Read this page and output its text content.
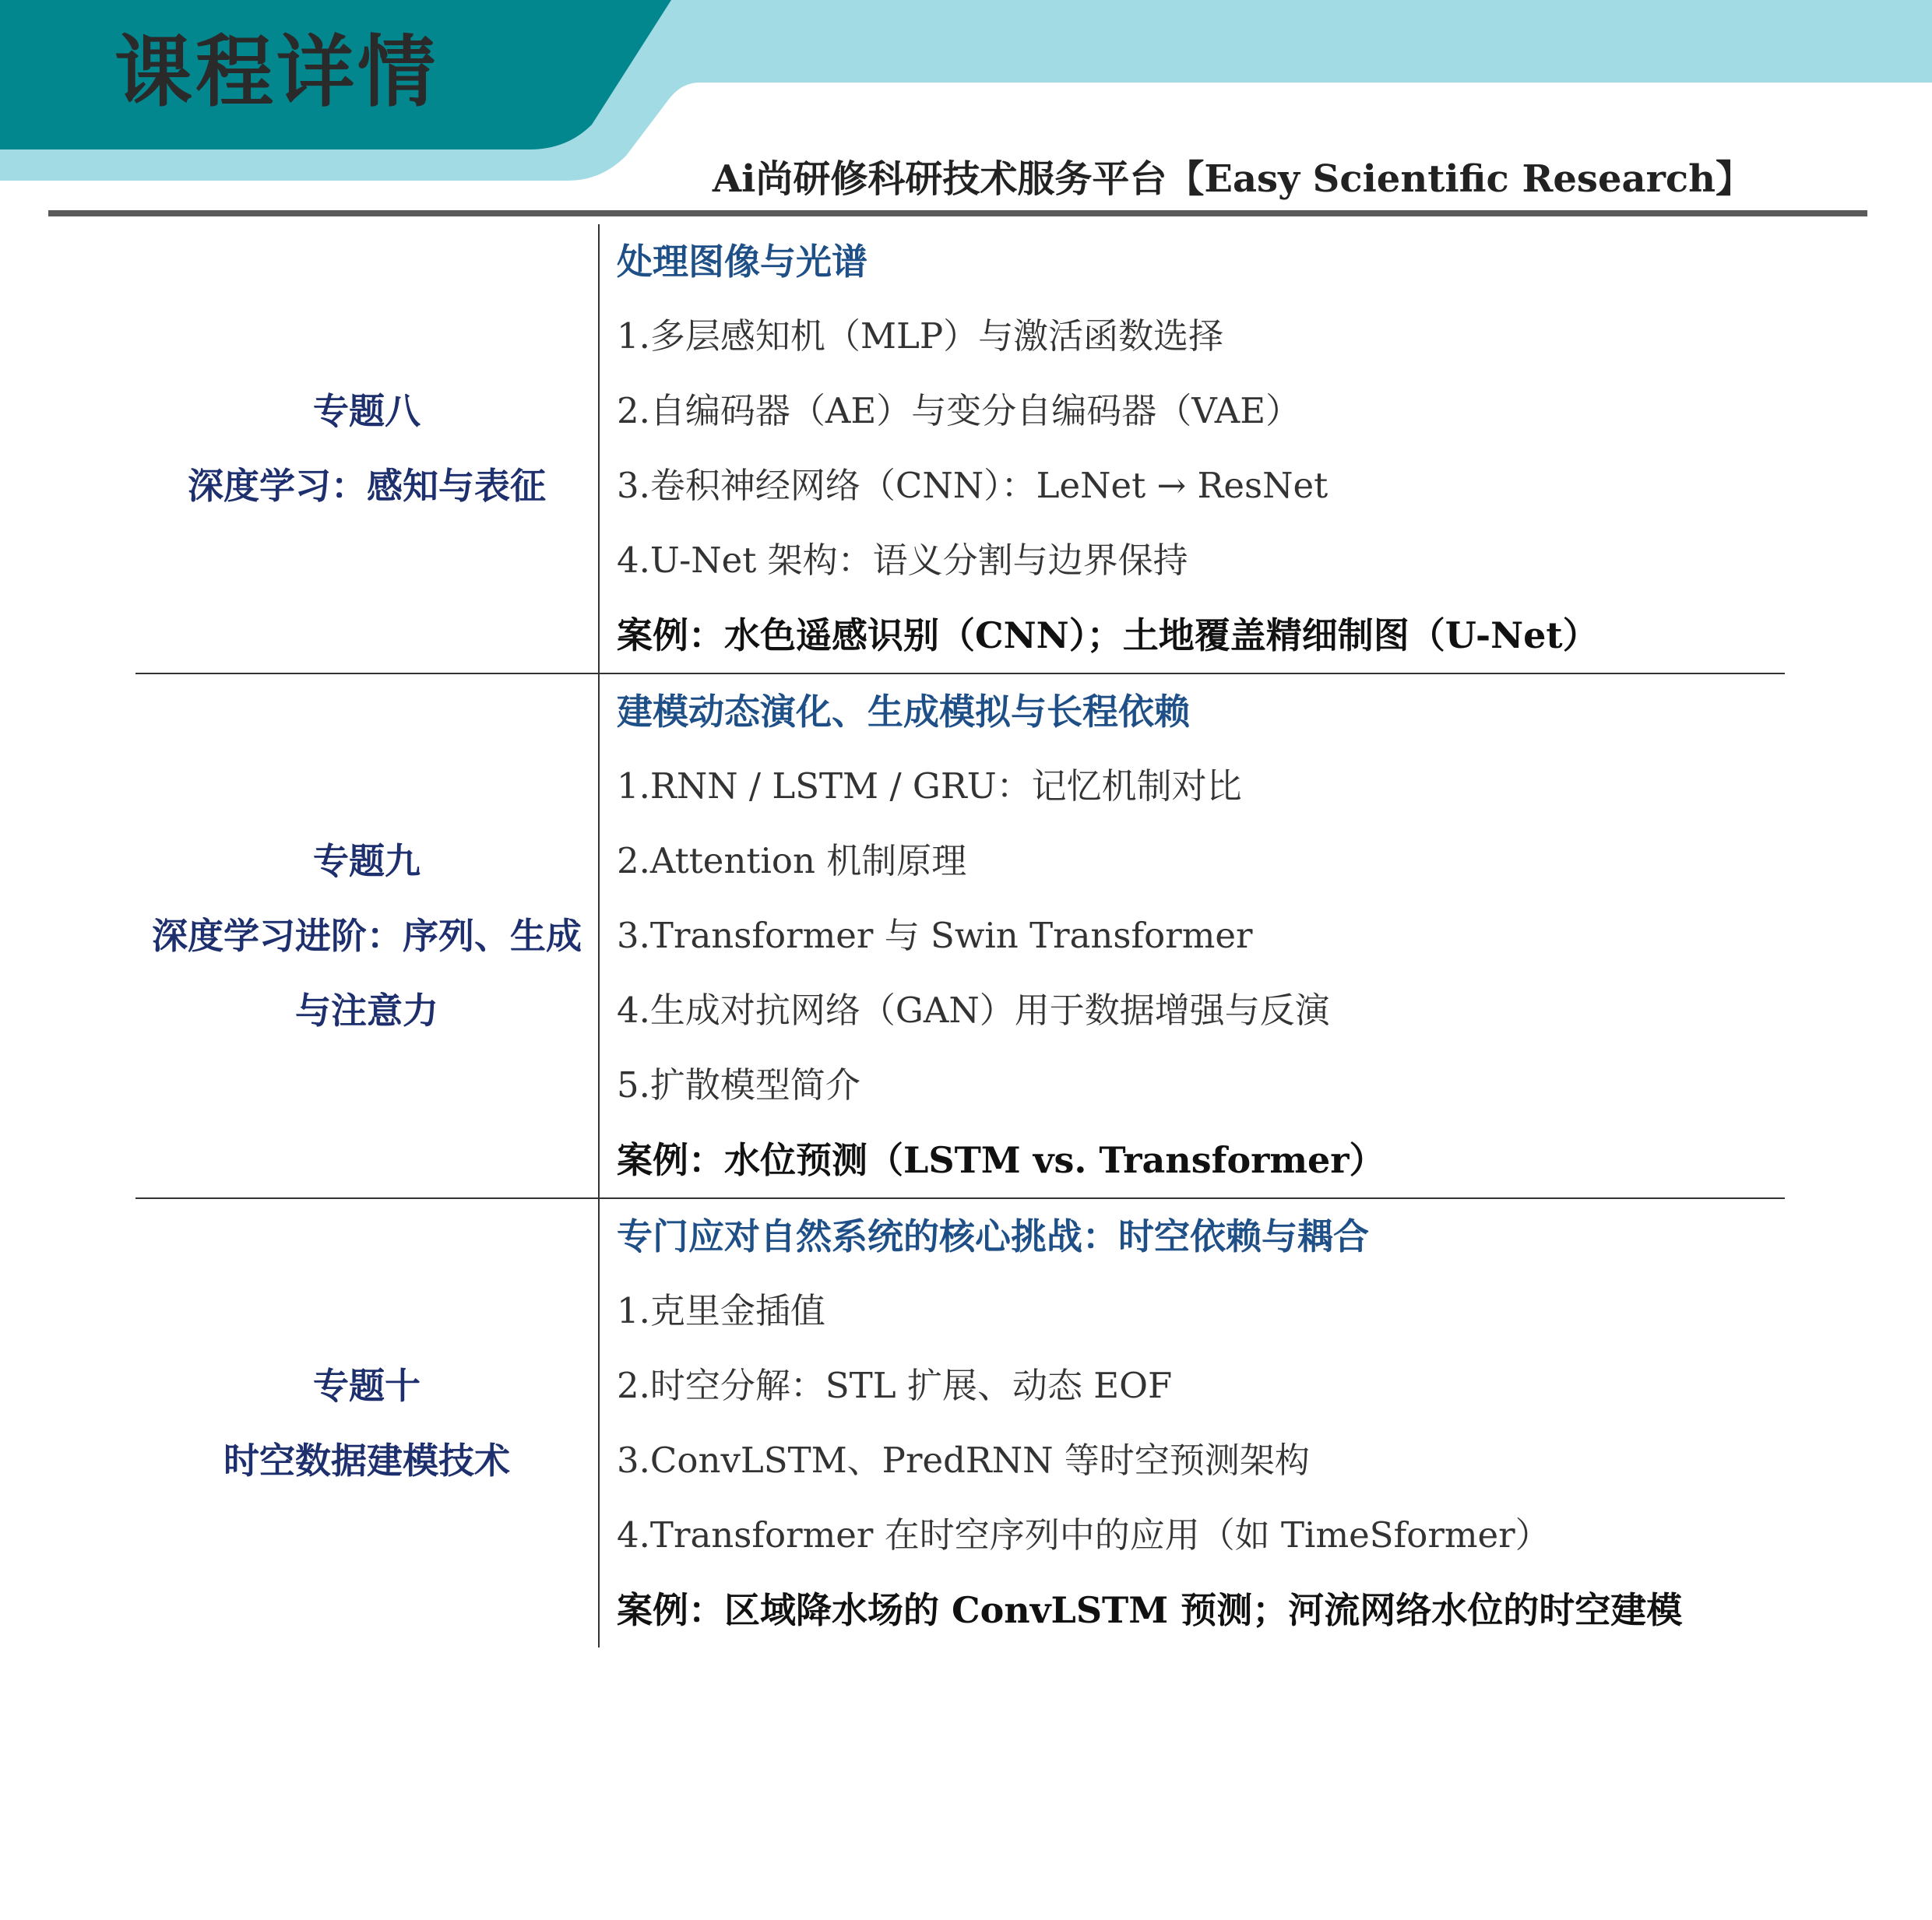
课程详情
Ai尚研修科研技术服务平台【Easy Scientific Research】
专题八
深度学习：感知与表征
处理图像与光谱
1.多层感知机（MLP）与激活函数选择
2.自编码器（AE）与变分自编码器（VAE）
3.卷积神经网络（CNN）：LeNet → ResNet
4.U-Net 架构：语义分割与边界保持
案例：水色遥感识别（CNN）；土地覆盖精细制图（U-Net）
专题九
深度学习进阶：序列、生成与注意力
建模动态演化、生成模拟与长程依赖
1.RNN / LSTM / GRU：记忆机制对比
2.Attention 机制原理
3.Transformer 与 Swin Transformer
4.生成对抗网络（GAN）用于数据增强与反演
5.扩散模型简介
案例：水位预测（LSTM vs. Transformer）
专题十
时空数据建模技术
专门应对自然系统的核心挑战：时空依赖与耦合
1.克里金插值
2.时空分解：STL 扩展、动态 EOF
3.ConvLSTM、PredRNN 等时空预测架构
4.Transformer 在时空序列中的应用（如 TimeSformer）
案例：区域降水场的 ConvLSTM 预测；河流网络水位的时空建模
